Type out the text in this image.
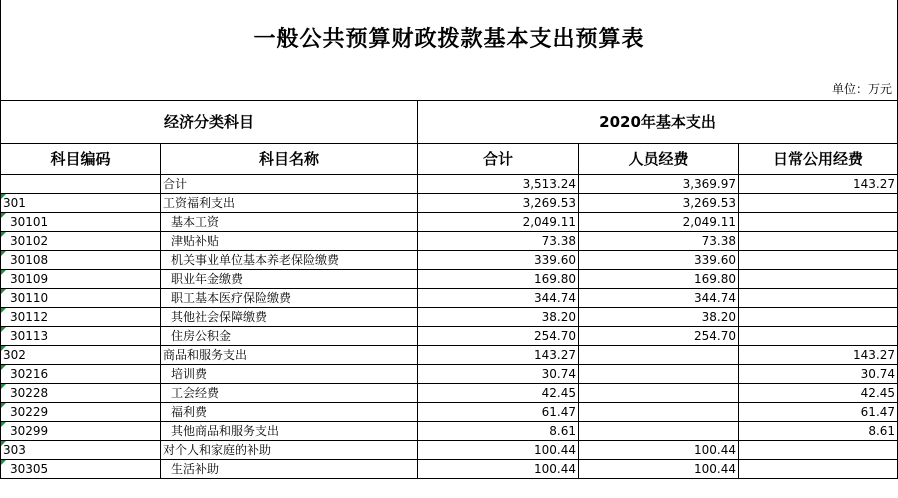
一般公共预算财政拨款基本支出预算表
单位：万元
经济分类科目		2020年基本支出		
科目编码	科目名称	合计	人员经费	日常公用经费
	合计	3,513.24	3,369.97	143.27

301	工资福利支出	3,269.53	3,269.53	

30101	基本工资	2,049.11	2,049.11	

30102	津贴补贴	73.38	73.38	

30108	机关事业单位基本养老保险缴费	339.60	339.60	

30109	职业年金缴费	169.80	169.80	

30110	职工基本医疗保险缴费	344.74	344.74	

30112	其他社会保障缴费	38.20	38.20	

30113	住房公积金	254.70	254.70	

302	商品和服务支出	143.27		143.27

30216	培训费	30.74		30.74

30228	工会经费	42.45		42.45

30229	福利费	61.47		61.47

30299	其他商品和服务支出	8.61		8.61

303	对个人和家庭的补助	100.44	100.44	

30305	生活补助	100.44	100.44	
